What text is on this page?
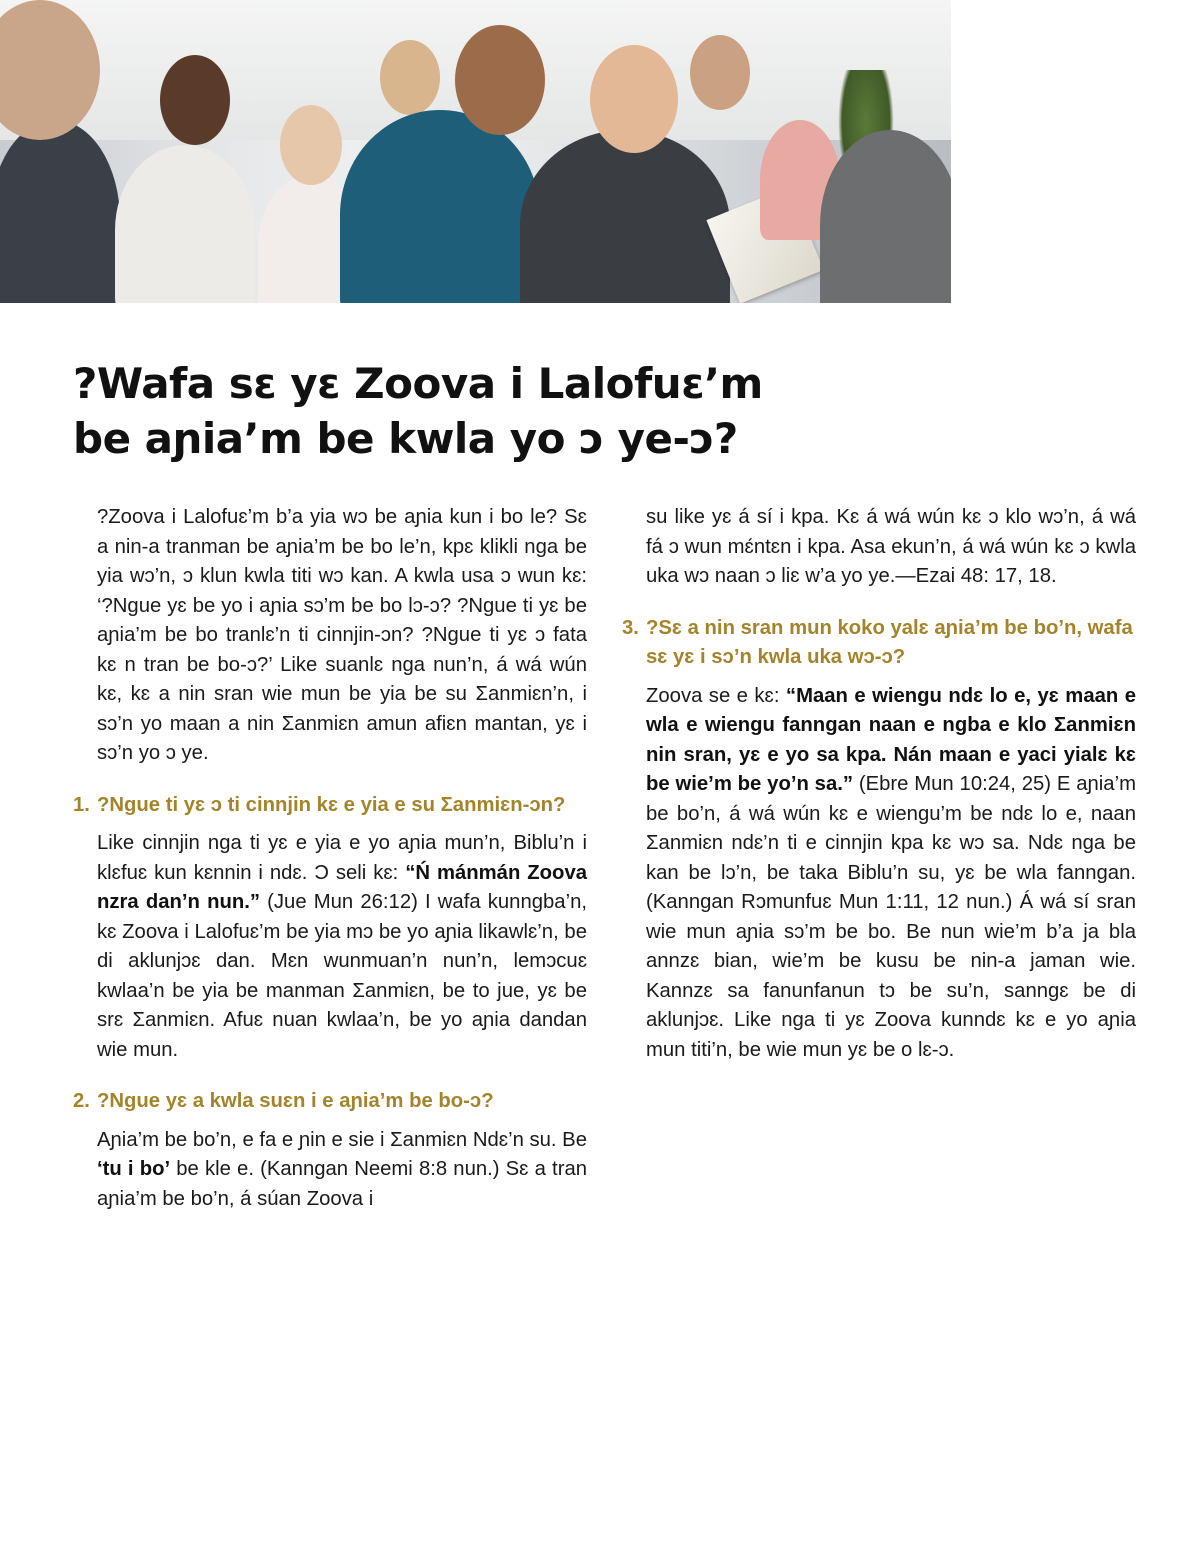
?Wafa sɛ yɛ Zoova i Lalofuɛ’m
be aɲia’m be kwla yo ɔ ye-ɔ?

?Zoova i Lalofuɛ’m b’a yia wɔ be aɲia kun i bo le? Sɛ a nin-a tranman be aɲia’m be bo le’n, kpɛ klikli nga be yia wɔ’n, ɔ klun kwla titi wɔ kan. A kwla usa ɔ wun kɛ: ‘?Ngue yɛ be yo i aɲia sɔ’m be bo lɔ-ɔ? ?Ngue ti yɛ be aɲia’m be bo tranlɛ’n ti cinnjin-ɔn? ?Ngue ti yɛ ɔ fata kɛ n tran be bo-ɔ?’ Like suanlɛ nga nun’n, á wá wún kɛ, kɛ a nin sran wie mun be yia be su Ʃanmiɛn’n, i sɔ’n yo maan a nin Ʃanmiɛn amun afiɛn mantan, yɛ i sɔ’n yo ɔ ye.

1. ?Ngue ti yɛ ɔ ti cinnjin kɛ e yia e su Ʃanmiɛn-ɔn?

Like cinnjin nga ti yɛ e yia e yo aɲia mun’n, Biblu’n i klɛfuɛ kun kɛnnin i ndɛ. Ɔ seli kɛ: “Ń mánmán Zoova nzra dan’n nun.” (Jue Mun 26:12) I wafa kunngba’n, kɛ Zoova i Lalofuɛ’m be yia mɔ be yo aɲia likawlɛ’n, be di aklunjɔɛ dan. Mɛn wunmuan’n nun’n, lemɔcuɛ kwlaa’n be yia be manman Ʃanmiɛn, be to jue, yɛ be srɛ Ʃanmiɛn. Afuɛ nuan kwlaa’n, be yo aɲia dandan wie mun.

2. ?Ngue yɛ a kwla suɛn i e aɲia’m be bo-ɔ?

Aɲia’m be bo’n, e fa e ɲin e sie i Ʃanmiɛn Ndɛ’n su. Be ‘tu i bo’ be kle e. (Kanngan Neemi 8:8 nun.) Sɛ a tran aɲia’m be bo’n, á súan Zoova i

su like yɛ á sí i kpa. Kɛ á wá wún kɛ ɔ klo wɔ’n, á wá fá ɔ wun mɛ́ntɛn i kpa. Asa ekun’n, á wá wún kɛ ɔ kwla uka wɔ naan ɔ liɛ w’a yo ye.—Ezai 48: 17, 18.

3. ?Sɛ a nin sran mun koko yalɛ aɲia’m be bo’n, wafa sɛ yɛ i sɔ’n kwla uka wɔ-ɔ?

Zoova se e kɛ: “Maan e wiengu ndɛ lo e, yɛ maan e wla e wiengu fanngan naan e ngba e klo Ʃanmiɛn nin sran, yɛ e yo sa kpa. Nán maan e yaci yialɛ kɛ be wie’m be yo’n sa.” (Ebre Mun 10:24, 25) E aɲia’m be bo’n, á wá wún kɛ e wiengu’m be ndɛ lo e, naan Ʃanmiɛn ndɛ’n ti e cinnjin kpa kɛ wɔ sa. Ndɛ nga be kan be lɔ’n, be taka Biblu’n su, yɛ be wla fanngan. (Kanngan Rɔmunfuɛ Mun 1:11, 12 nun.) Á wá sí sran wie mun aɲia sɔ’m be bo. Be nun wie’m b’a ja bla annzɛ bian, wie’m be kusu be nin-a jaman wie. Kannzɛ sa fanunfanun tɔ be su’n, sanngɛ be di aklunjɔɛ. Like nga ti yɛ Zoova kunndɛ kɛ e yo aɲia mun titi’n, be wie mun yɛ be o lɛ-ɔ.
